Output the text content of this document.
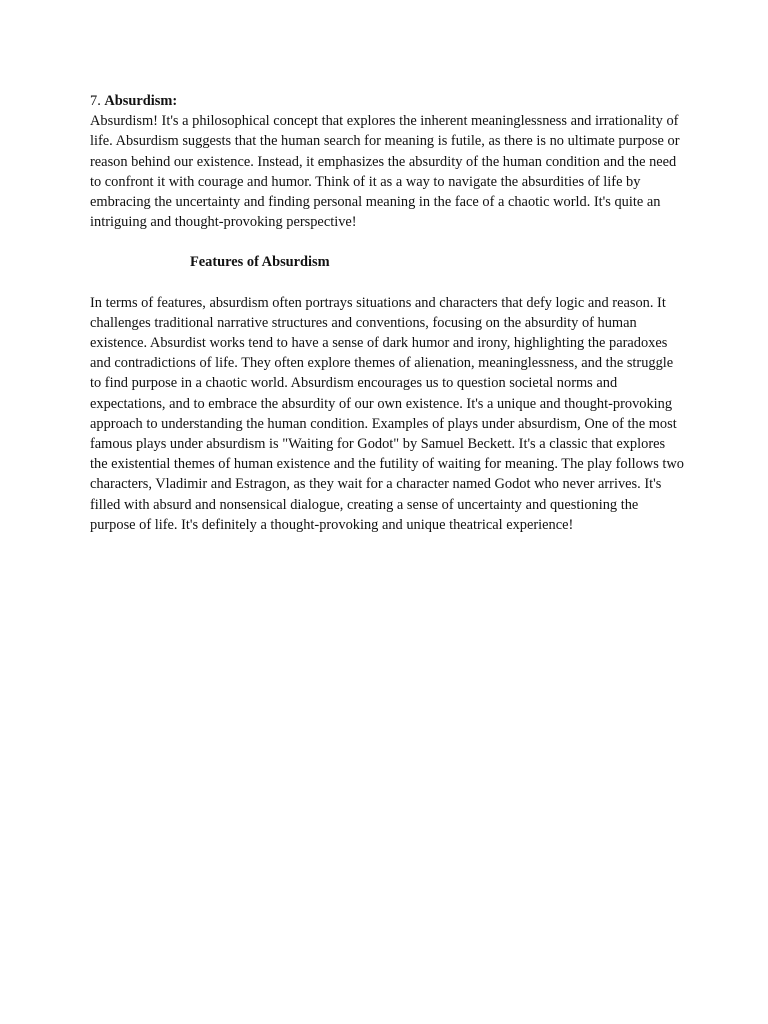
7. Absurdism:

Absurdism! It's a philosophical concept that explores the inherent meaninglessness and irrationality of life. Absurdism suggests that the human search for meaning is futile, as there is no ultimate purpose or reason behind our existence. Instead, it emphasizes the absurdity of the human condition and the need to confront it with courage and humor. Think of it as a way to navigate the absurdities of life by embracing the uncertainty and finding personal meaning in the face of a chaotic world. It's quite an intriguing and thought-provoking perspective!

Features of Absurdism

In terms of features, absurdism often portrays situations and characters that defy logic and reason. It challenges traditional narrative structures and conventions, focusing on the absurdity of human existence. Absurdist works tend to have a sense of dark humor and irony, highlighting the paradoxes and contradictions of life. They often explore themes of alienation, meaninglessness, and the struggle to find purpose in a chaotic world. Absurdism encourages us to question societal norms and expectations, and to embrace the absurdity of our own existence. It's a unique and thought-provoking approach to understanding the human condition. Examples of plays under absurdism, One of the most famous plays under absurdism is "Waiting for Godot" by Samuel Beckett. It's a classic that explores the existential themes of human existence and the futility of waiting for meaning. The play follows two characters, Vladimir and Estragon, as they wait for a character named Godot who never arrives. It's filled with absurd and nonsensical dialogue, creating a sense of uncertainty and questioning the purpose of life. It's definitely a thought-provoking and unique theatrical experience!
